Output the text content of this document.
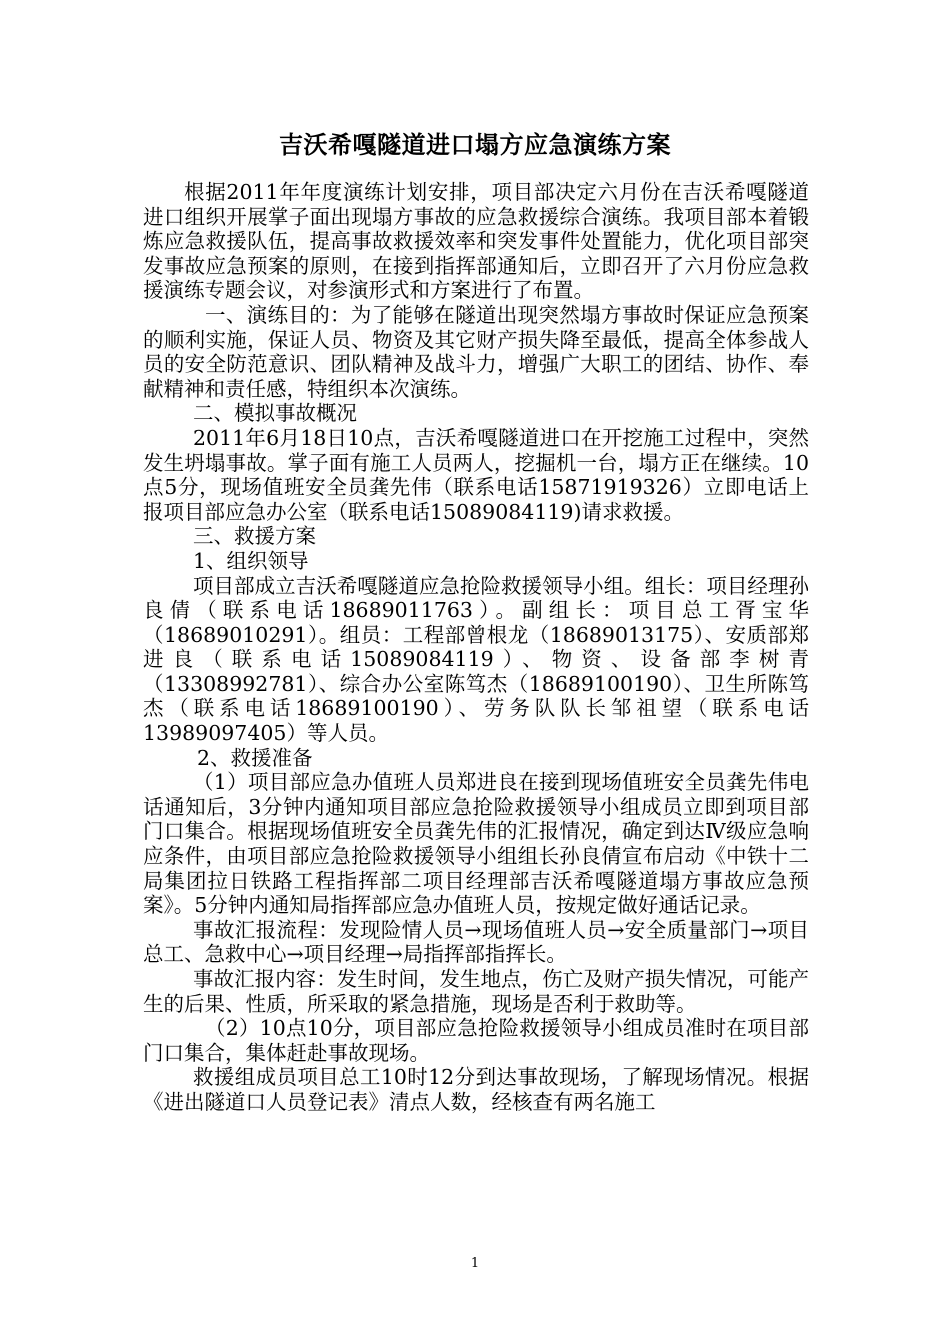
吉沃希嘎隧道进口塌方应急演练方案

根据2011年年度演练计划安排，项目部决定六月份在吉沃希嘎隧道进口组织开展掌子面出现塌方事故的应急救援综合演练。我项目部本着锻炼应急救援队伍，提高事故救援效率和突发事件处置能力，优化项目部突发事故应急预案的原则，在接到指挥部通知后，立即召开了六月份应急救援演练专题会议，对参演形式和方案进行了布置。

一、演练目的：为了能够在隧道出现突然塌方事故时保证应急预案的顺利实施，保证人员、物资及其它财产损失降至最低，提高全体参战人员的安全防范意识、团队精神及战斗力，增强广大职工的团结、协作、奉献精神和责任感，特组织本次演练。

二、模拟事故概况

2011年6月18日10点，吉沃希嘎隧道进口在开挖施工过程中，突然发生坍塌事故。掌子面有施工人员两人，挖掘机一台，塌方正在继续。10点5分，现场值班安全员龚先伟（联系电话15871919326）立即电话上报项目部应急办公室（联系电话15089084119)请求救援。

三、救援方案

1、组织领导

项目部成立吉沃希嘎隧道应急抢险救援领导小组。组长：项目经理孙良倩（联系电话18689011763）。副组长：项目总工胥宝华（18689010291）。组员：工程部曾根龙（18689013175）、安质部郑进良（联系电话15089084119）、物资、设备部李树青（13308992781）、综合办公室陈笃杰（18689100190）、卫生所陈笃杰（联系电话18689100190）、劳务队队长邹祖望（联系电话13989097405）等人员。

2、救援准备

（1）项目部应急办值班人员郑进良在接到现场值班安全员龚先伟电话通知后，3分钟内通知项目部应急抢险救援领导小组成员立即到项目部门口集合。根据现场值班安全员龚先伟的汇报情况，确定到达Ⅳ级应急响应条件，由项目部应急抢险救援领导小组组长孙良倩宣布启动《中铁十二局集团拉日铁路工程指挥部二项目经理部吉沃希嘎隧道塌方事故应急预案》。5分钟内通知局指挥部应急办值班人员，按规定做好通话记录。

事故汇报流程：发现险情人员→现场值班人员→安全质量部门→项目总工、急救中心→项目经理→局指挥部指挥长。

事故汇报内容：发生时间，发生地点，伤亡及财产损失情况，可能产生的后果、性质，所采取的紧急措施，现场是否利于救助等。

（2）10点10分，项目部应急抢险救援领导小组成员准时在项目部门口集合，集体赶赴事故现场。

救援组成员项目总工10时12分到达事故现场，了解现场情况。根据《进出隧道口人员登记表》清点人数，经核查有两名施工

1
